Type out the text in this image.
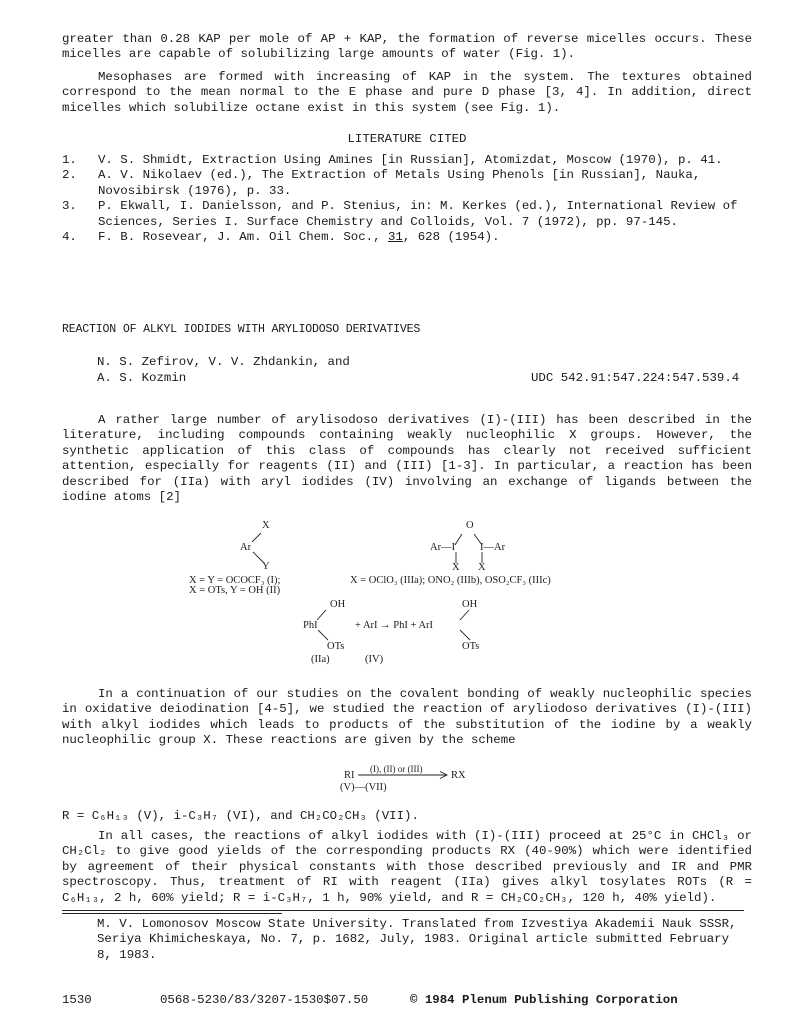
greater than 0.28 KAP per mole of AP + KAP, the formation of reverse micelles occurs. These micelles are capable of solubilizing large amounts of water (Fig. 1).

Mesophases are formed with increasing of KAP in the system. The textures obtained correspond to the mean normal to the E phase and pure D phase [3, 4]. In addition, direct micelles which solubilize octane exist in this system (see Fig. 1).

LITERATURE CITED
1.	V. S. Shmidt, Extraction Using Amines [in Russian], Atomizdat, Moscow (1970), p. 41.
2.	A. V. Nikolaev (ed.), The Extraction of Metals Using Phenols [in Russian], Nauka, Novosibirsk (1976), p. 33.
3.	P. Ekwall, I. Danielsson, and P. Stenius, in: M. Kerkes (ed.), International Review of Sciences, Series I. Surface Chemistry and Colloids, Vol. 7 (1972), pp. 97-145.
4.	F. B. Rosevear, J. Am. Oil Chem. Soc., 31, 628 (1954).
REACTION OF ALKYL IODIDES WITH ARYLIODOSO DERIVATIVES
N. S. Zefirov, V. V. Zhdankin, and
A. S. Kozmin	UDC 542.91:547.224:547.539.4

A rather large number of arylisodoso derivatives (I)-(III) has been described in the literature, including compounds containing weakly nucleophilic X groups. However, the synthetic application of this class of compounds has clearly not received sufficient attention, especially for reagents (II) and (III) [1-3]. In particular, a reaction has been described for (IIa) with aryl iodides (IV) involving an exchange of ligands between the iodine atoms [2]

X
Ar
Y
X = Y = OCOCF₃ (I);
X = OTs, Y = OH (II)
O
Ar—I I—Ar
X X
X = OClO₃ (IIIa); ONO₂ (IIIb), OSO₂CF₃ (IIIc)
OH
PhI	+ ArI → PhI + ArI
OH
OTs	OTs
(IIa)	(IV)

In a continuation of our studies on the covalent bonding of weakly nucleophilic species in oxidative deiodination [4-5], we studied the reaction of aryliodoso derivatives (I)-(III) with alkyl iodides which leads to products of the substitution of the iodine by a weakly nucleophilic group X. These reactions are given by the scheme

(I), (II) or (III)
RI	RX
(V)—(VII)
R = C₆H₁₃ (V), i-C₃H₇ (VI), and CH₂CO₂CH₃ (VII).

In all cases, the reactions of alkyl iodides with (I)-(III) proceed at 25°C in CHCl₃ or CH₂Cl₂ to give good yields of the corresponding products RX (40-90%) which were identified by agreement of their physical constants with those described previously and IR and PMR spectroscopy. Thus, treatment of RI with reagent (IIa) gives alkyl tosylates ROTs (R = C₆H₁₃, 2 h, 60% yield; R = i-C₃H₇, 1 h, 90% yield, and R = CH₂CO₂CH₃, 120 h, 40% yield).

M. V. Lomonosov Moscow State University. Translated from Izvestiya Akademii Nauk SSSR, Seriya Khimicheskaya, No. 7, p. 1682, July, 1983. Original article submitted February 8, 1983.

1530	0568-5230/83/3207-1530$07.50	© 1984 Plenum Publishing Corporation
